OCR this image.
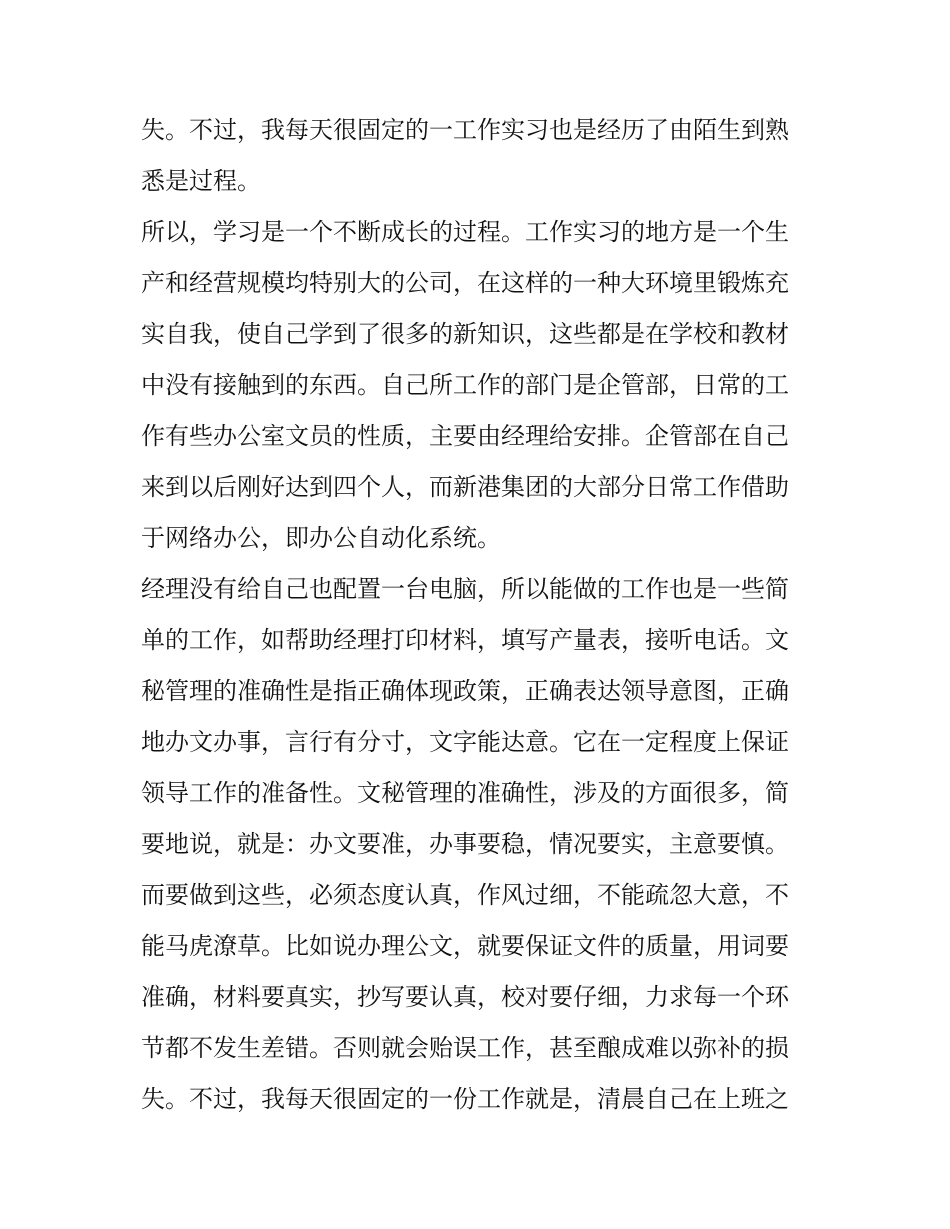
失。不过，我每天很固定的一工作实习也是经历了由陌生到熟
悉是过程。
所以，学习是一个不断成长的过程。工作实习的地方是一个生
产和经营规模均特别大的公司，在这样的一种大环境里锻炼充
实自我，使自己学到了很多的新知识，这些都是在学校和教材
中没有接触到的东西。自己所工作的部门是企管部，日常的工
作有些办公室文员的性质，主要由经理给安排。企管部在自己
来到以后刚好达到四个人，而新港集团的大部分日常工作借助
于网络办公，即办公自动化系统。
经理没有给自己也配置一台电脑，所以能做的工作也是一些简
单的工作，如帮助经理打印材料，填写产量表，接听电话。文
秘管理的准确性是指正确体现政策，正确表达领导意图，正确
地办文办事，言行有分寸，文字能达意。它在一定程度上保证
领导工作的准备性。文秘管理的准确性，涉及的方面很多，简
要地说，就是：办文要准，办事要稳，情况要实，主意要慎。
而要做到这些，必须态度认真，作风过细，不能疏忽大意，不
能马虎潦草。比如说办理公文，就要保证文件的质量，用词要
准确，材料要真实，抄写要认真，校对要仔细，力求每一个环
节都不发生差错。否则就会贻误工作，甚至酿成难以弥补的损
失。不过，我每天很固定的一份工作就是，清晨自己在上班之
